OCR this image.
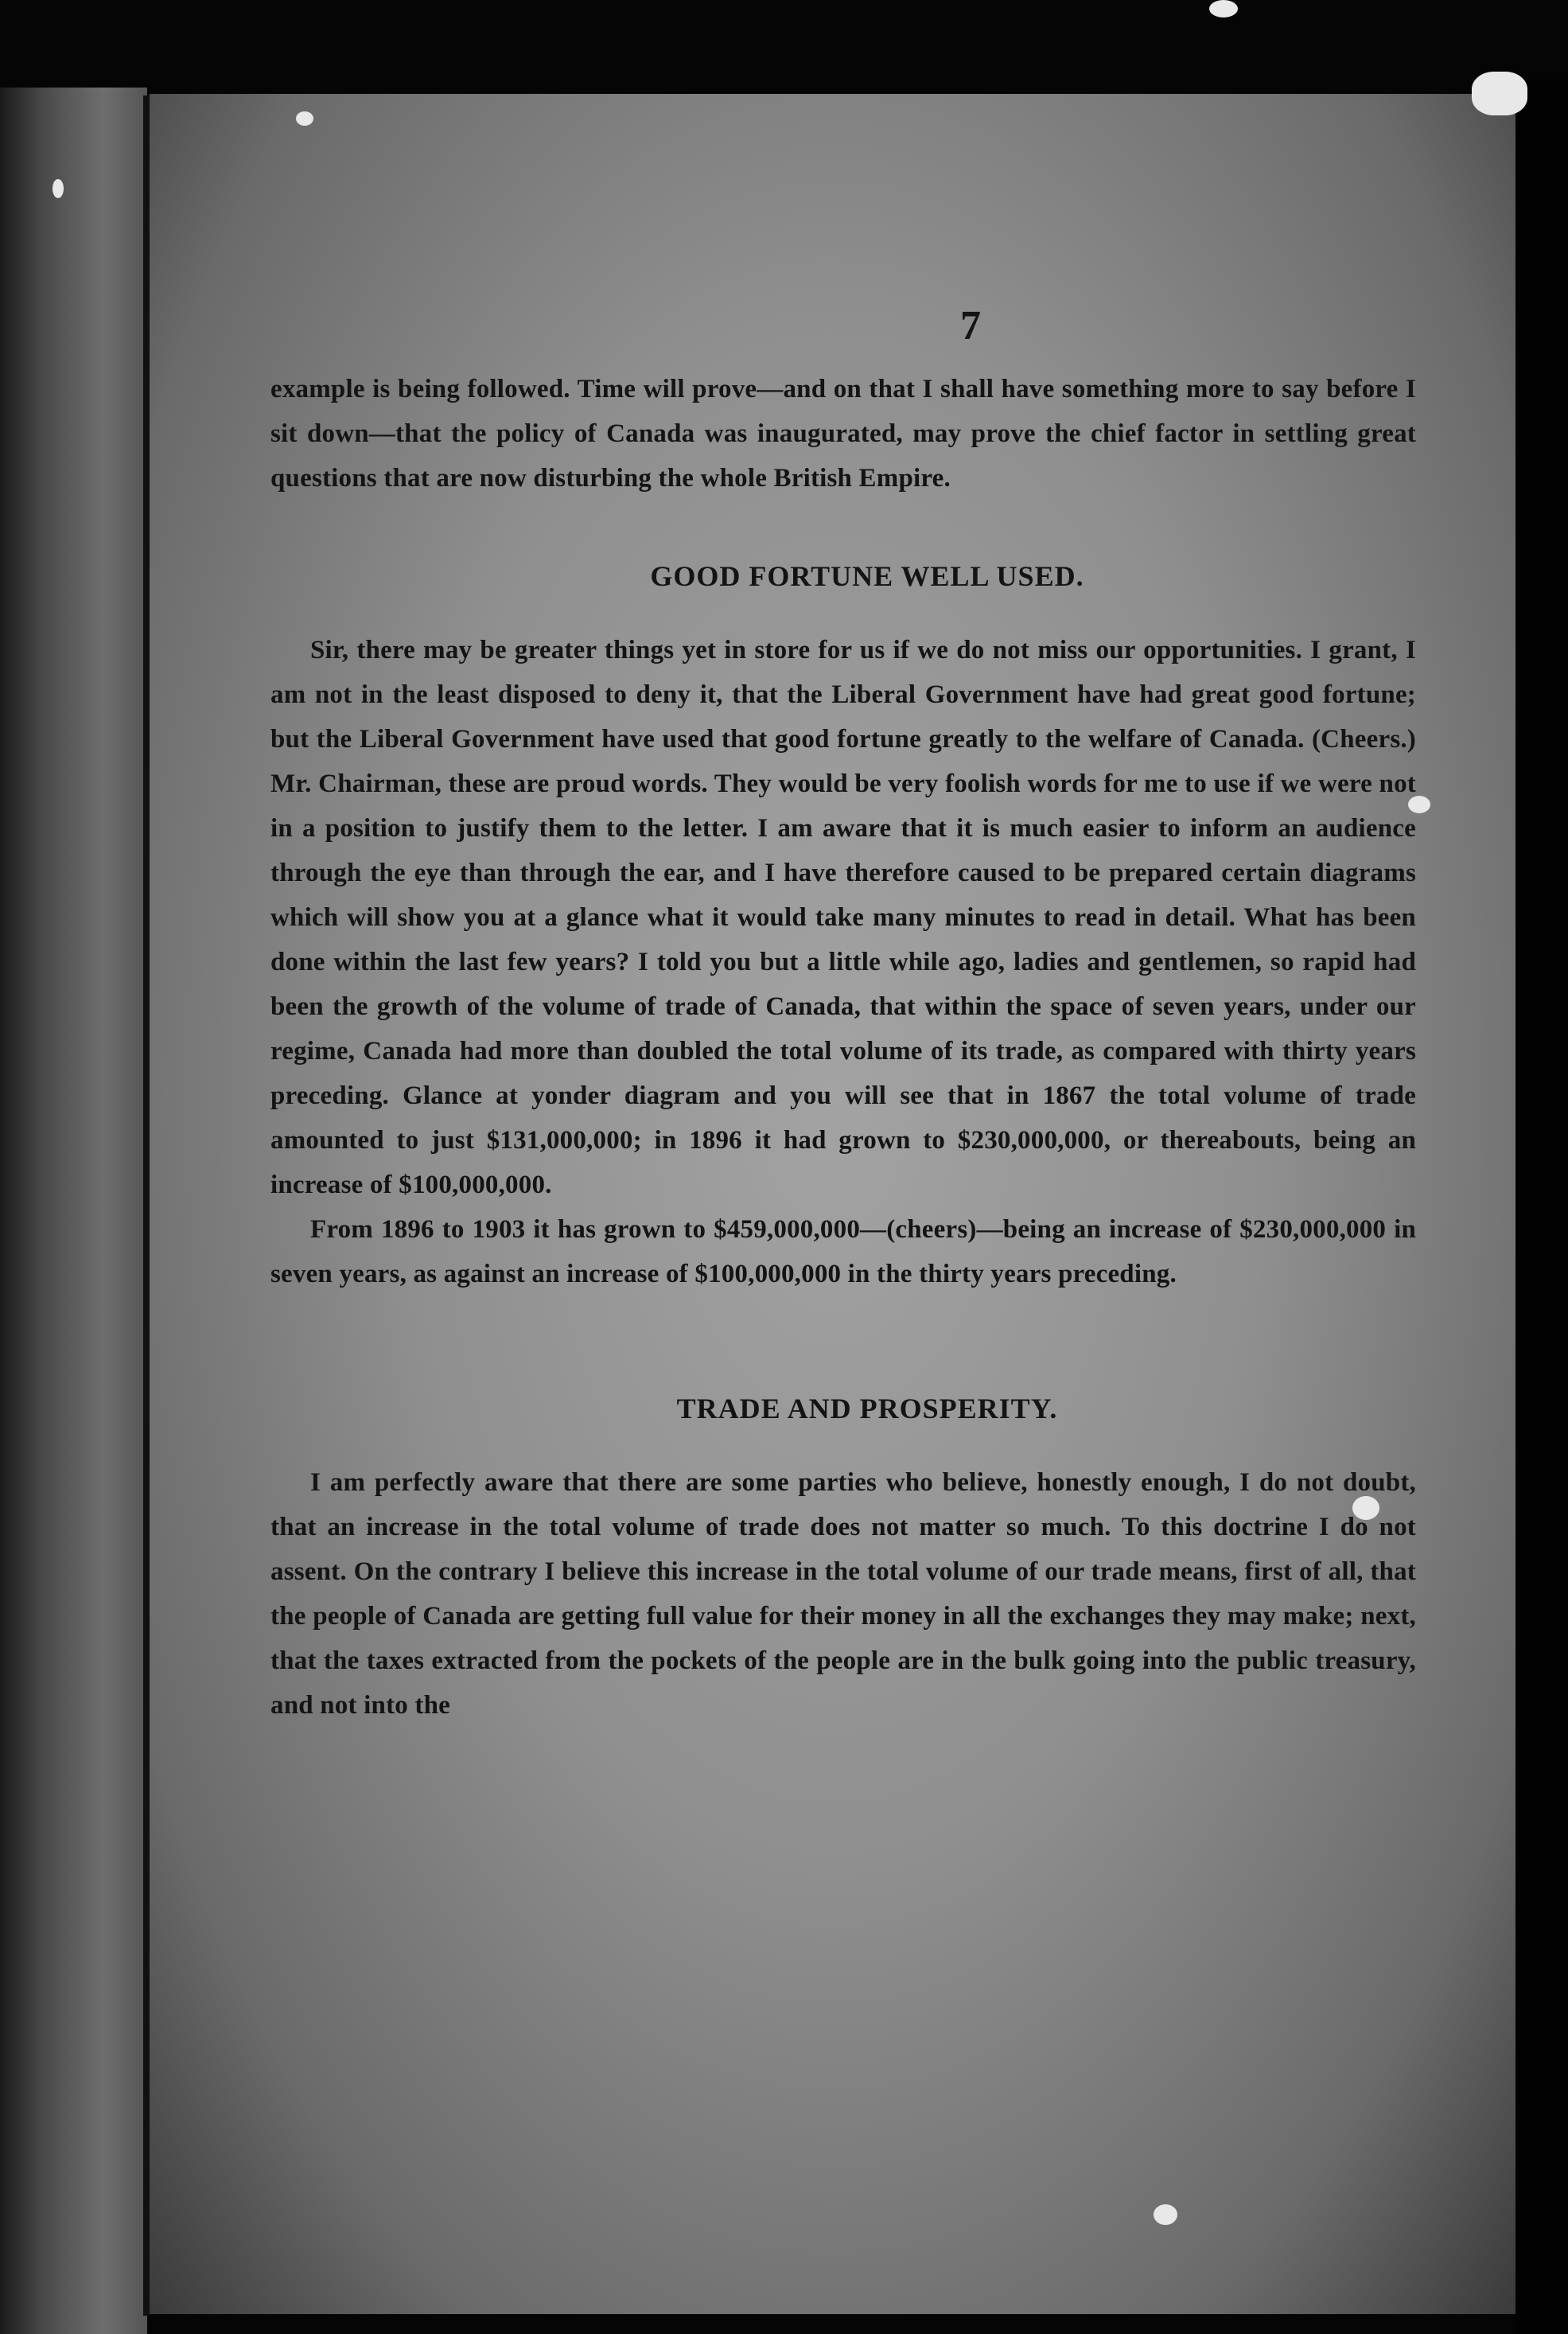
7

example is being followed. Time will prove—and on that I shall have something more to say before I sit down—that the policy of Canada was inaugurated, may prove the chief factor in settling great questions that are now disturbing the whole British Empire.

GOOD FORTUNE WELL USED.

Sir, there may be greater things yet in store for us if we do not miss our opportunities. I grant, I am not in the least disposed to deny it, that the Liberal Government have had great good fortune; but the Liberal Government have used that good fortune greatly to the welfare of Canada. (Cheers.) Mr. Chairman, these are proud words. They would be very foolish words for me to use if we were not in a position to justify them to the letter. I am aware that it is much easier to inform an audience through the eye than through the ear, and I have therefore caused to be prepared certain diagrams which will show you at a glance what it would take many minutes to read in detail. What has been done within the last few years? I told you but a little while ago, ladies and gentlemen, so rapid had been the growth of the volume of trade of Canada, that within the space of seven years, under our regime, Canada had more than doubled the total volume of its trade, as compared with thirty years preceding. Glance at yonder diagram and you will see that in 1867 the total volume of trade amounted to just $131,000,000; in 1896 it had grown to $230,000,000, or thereabouts, being an increase of $100,000,000.

From 1896 to 1903 it has grown to $459,000,000—(cheers)—being an increase of $230,000,000 in seven years, as against an increase of $100,000,000 in the thirty years preceding.

TRADE AND PROSPERITY.

I am perfectly aware that there are some parties who believe, honestly enough, I do not doubt, that an increase in the total volume of trade does not matter so much. To this doctrine I do not assent. On the contrary I believe this increase in the total volume of our trade means, first of all, that the people of Canada are getting full value for their money in all the exchanges they may make; next, that the taxes extracted from the pockets of the people are in the bulk going into the public treasury, and not into the
